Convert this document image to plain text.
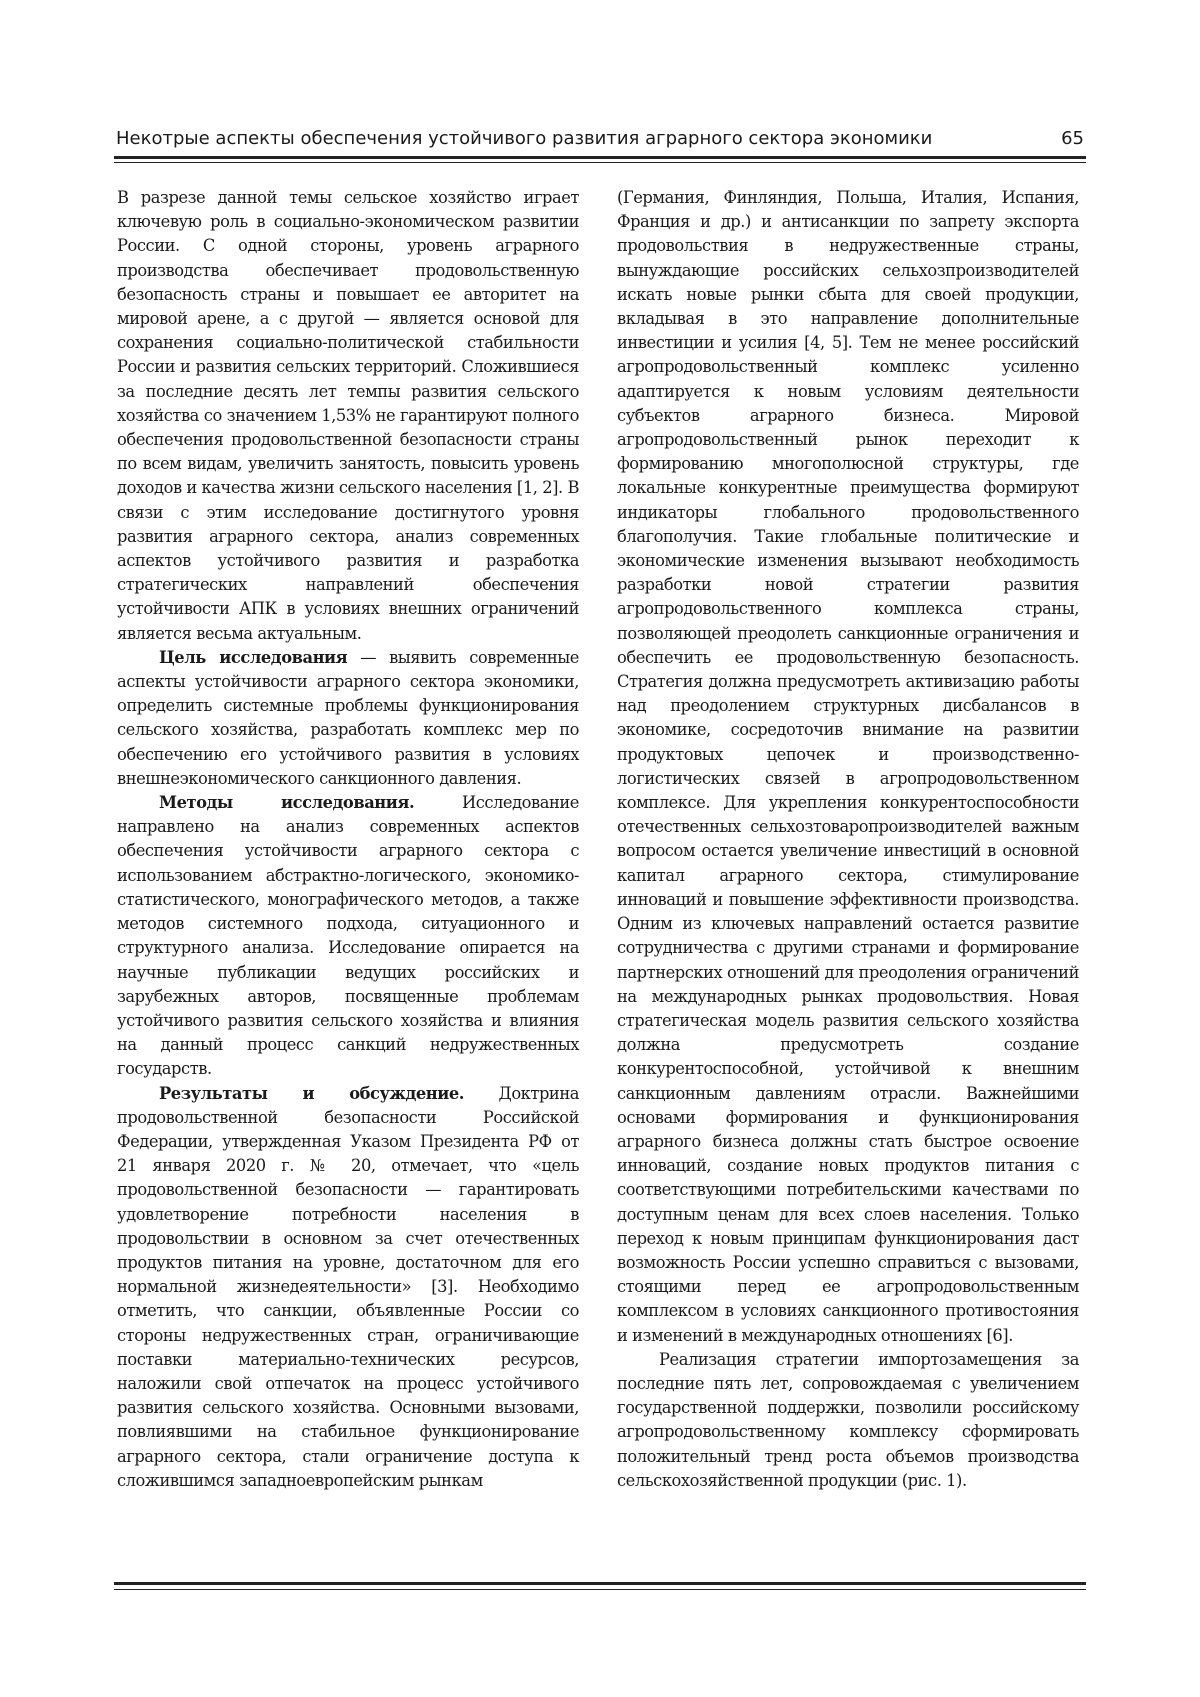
Некотрые аспекты обеспечения устойчивого развития аграрного сектора экономики	65

В разрезе данной темы сельское хозяйство играет ключевую роль в социально-экономическом развитии России. С одной стороны, уровень аграрного производства обеспечивает продовольственную безопасность страны и повышает ее авторитет на мировой арене, а с другой — является основой для сохранения социально-политической стабильности России и развития сельских территорий. Сложившиеся за последние десять лет темпы развития сельского хозяйства со значением 1,53% не гарантируют полного обеспечения продовольственной безопасности страны по всем видам, увеличить занятость, повысить уровень доходов и качества жизни сельского населения [1, 2]. В связи с этим исследование достигнутого уровня развития аграрного сектора, анализ современных аспектов устойчивого развития и разработка стратегических направлений обеспечения устойчивости АПК в условиях внешних ограничений является весьма актуальным.

Цель исследования — выявить современные аспекты устойчивости аграрного сектора экономики, определить системные проблемы функционирования сельского хозяйства, разработать комплекс мер по обеспечению его устойчивого развития в условиях внешнеэкономического санкционного давления.

Методы исследования. Исследование направлено на анализ современных аспектов обеспечения устойчивости аграрного сектора с использованием абстрактно-логического, экономико-статистического, монографического методов, а также методов системного подхода, ситуационного и структурного анализа. Исследование опирается на научные публикации ведущих российских и зарубежных авторов, посвященные проблемам устойчивого развития сельского хозяйства и влияния на данный процесс санкций недружественных государств.

Результаты и обсуждение. Доктрина продовольственной безопасности Российской Федерации, утвержденная Указом Президента РФ от 21 января 2020 г. № 20, отмечает, что «цель продовольственной безопасности — гарантировать удовлетворение потребности населения в продовольствии в основном за счет отечественных продуктов питания на уровне, достаточном для его нормальной жизнедеятельности» [3]. Необходимо отметить, что санкции, объявленные России со стороны недружественных стран, ограничивающие поставки материально-технических ресурсов, наложили свой отпечаток на процесс устойчивого развития сельского хозяйства. Основными вызовами, повлиявшими на стабильное функционирование аграрного сектора, стали ограничение доступа к сложившимся западноевропейским рынкам

(Германия, Финляндия, Польша, Италия, Испания, Франция и др.) и антисанкции по запрету экспорта продовольствия в недружественные страны, вынуждающие российских сельхозпроизводителей искать новые рынки сбыта для своей продукции, вкладывая в это направление дополнительные инвестиции и усилия [4, 5]. Тем не менее российский агропродовольственный комплекс усиленно адаптируется к новым условиям деятельности субъектов аграрного бизнеса. Мировой агропродовольственный рынок переходит к формированию многополюсной структуры, где локальные конкурентные преимущества формируют индикаторы глобального продовольственного благополучия. Такие глобальные политические и экономические изменения вызывают необходимость разработки новой стратегии развития агропродовольственного комплекса страны, позволяющей преодолеть санкционные ограничения и обеспечить ее продовольственную безопасность. Стратегия должна предусмотреть активизацию работы над преодолением структурных дисбалансов в экономике, сосредоточив внимание на развитии продуктовых цепочек и производственно-логистических связей в агропродовольственном комплексе. Для укрепления конкурентоспособности отечественных сельхозтоваропроизводителей важным вопросом остается увеличение инвестиций в основной капитал аграрного сектора, стимулирование инноваций и повышение эффективности производства. Одним из ключевых направлений остается развитие сотрудничества с другими странами и формирование партнерских отношений для преодоления ограничений на международных рынках продовольствия. Новая стратегическая модель развития сельского хозяйства должна предусмотреть создание конкурентоспособной, устойчивой к внешним санкционным давлениям отрасли. Важнейшими основами формирования и функционирования аграрного бизнеса должны стать быстрое освоение инноваций, создание новых продуктов питания с соответствующими потребительскими качествами по доступным ценам для всех слоев населения. Только переход к новым принципам функционирования даст возможность России успешно справиться с вызовами, стоящими перед ее агропродовольственным комплексом в условиях санкционного противостояния и изменений в международных отношениях [6].

Реализация стратегии импортозамещения за последние пять лет, сопровождаемая с увеличением государственной поддержки, позволили российскому агропродовольственному комплексу сформировать положительный тренд роста объемов производства сельскохозяйственной продукции (рис. 1).
